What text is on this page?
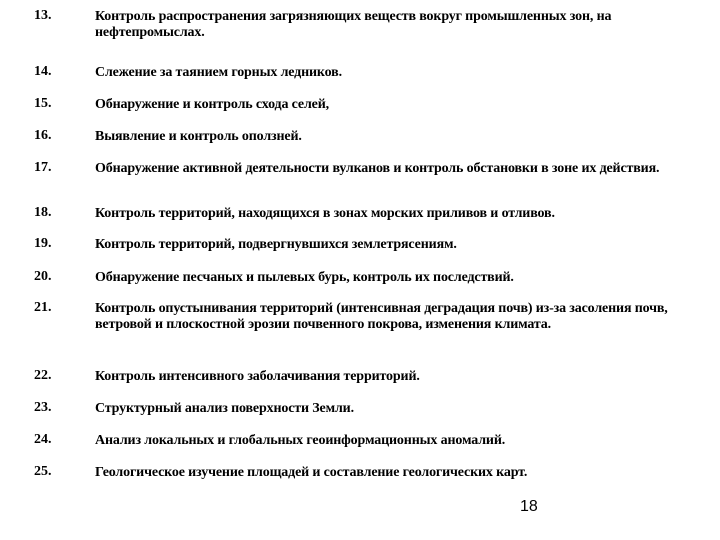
13.	Контроль распространения загрязняющих веществ вокруг промышленных зон, на нефтепромыслах.
14.	Слежение за таянием горных ледников.
15.	Обнаружение и контроль схода селей,
16.	Выявление и контроль оползней.
17.	Обнаружение активной деятельности вулканов и контроль обстановки в зоне их действия.
18.	Контроль территорий, находящихся в зонах морских приливов и отливов.
19.	Контроль территорий, подвергнувшихся землетрясениям.
20.	Обнаружение песчаных и пылевых бурь, контроль их последствий.
21.	Контроль опустынивания территорий (интенсивная деградация почв) из-за засоления почв, ветровой и плоскостной эрозии почвенного покрова, изменения климата.
22.	Контроль интенсивного заболачивания территорий.
23.	Структурный анализ поверхности Земли.
24.	Анализ локальных и глобальных геоинформационных аномалий.
25.	Геологическое изучение площадей и составление геологических карт.
18
